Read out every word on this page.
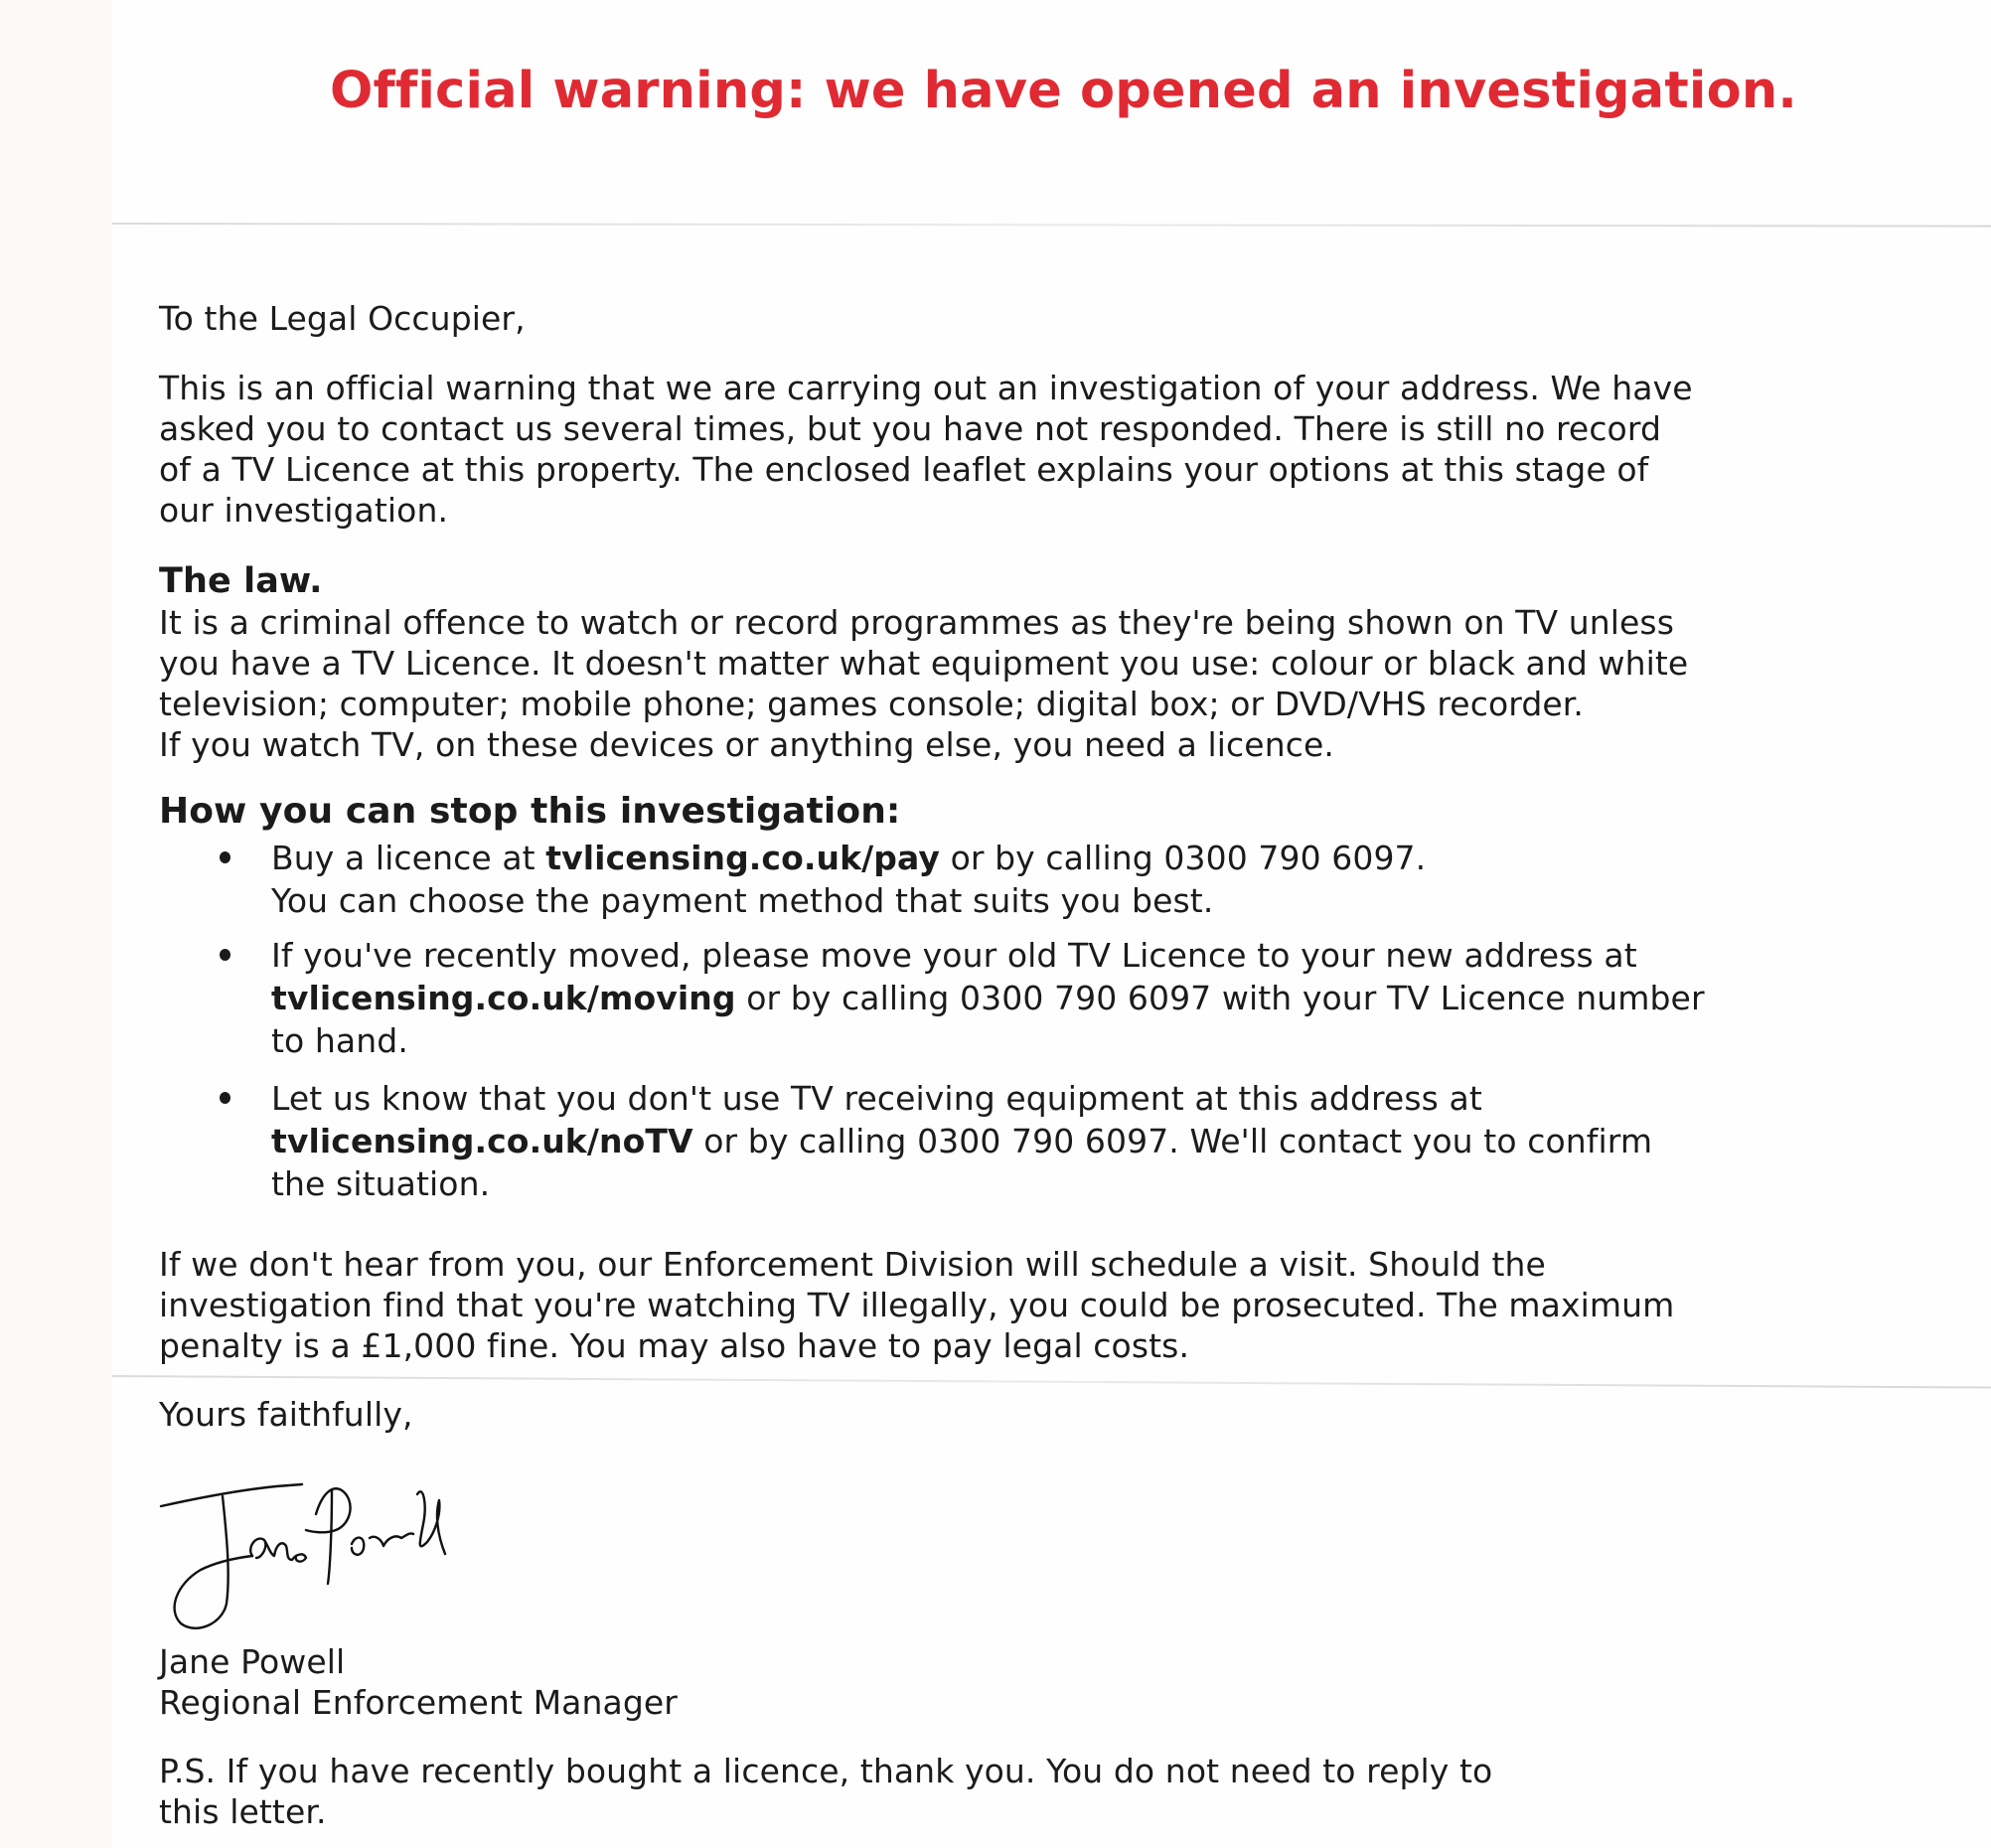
Official warning: we have opened an investigation.

To the Legal Occupier,

This is an official warning that we are carrying out an investigation of your address. We have

asked you to contact us several times, but you have not responded. There is still no record

of a TV Licence at this property. The enclosed leaflet explains your options at this stage of

our investigation.

The law.

It is a criminal offence to watch or record programmes as they're being shown on TV unless

you have a TV Licence. It doesn't matter what equipment you use: colour or black and white

television; computer; mobile phone; games console; digital box; or DVD/VHS recorder.

If you watch TV, on these devices or anything else, you need a licence.

How you can stop this investigation:

Buy a licence at tvlicensing.co.uk/pay or by calling 0300 790 6097.
You can choose the payment method that suits you best.
If you've recently moved, please move your old TV Licence to your new address at
tvlicensing.co.uk/moving or by calling 0300 790 6097 with your TV Licence number
to hand.
Let us know that you don't use TV receiving equipment at this address at
tvlicensing.co.uk/noTV or by calling 0300 790 6097. We'll contact you to confirm
the situation.

If we don't hear from you, our Enforcement Division will schedule a visit. Should the

investigation find that you're watching TV illegally, you could be prosecuted. The maximum

penalty is a £1,000 fine. You may also have to pay legal costs.

Yours faithfully,

Jane Powell

Regional Enforcement Manager

P.S. If you have recently bought a licence, thank you. You do not need to reply to

this letter.
